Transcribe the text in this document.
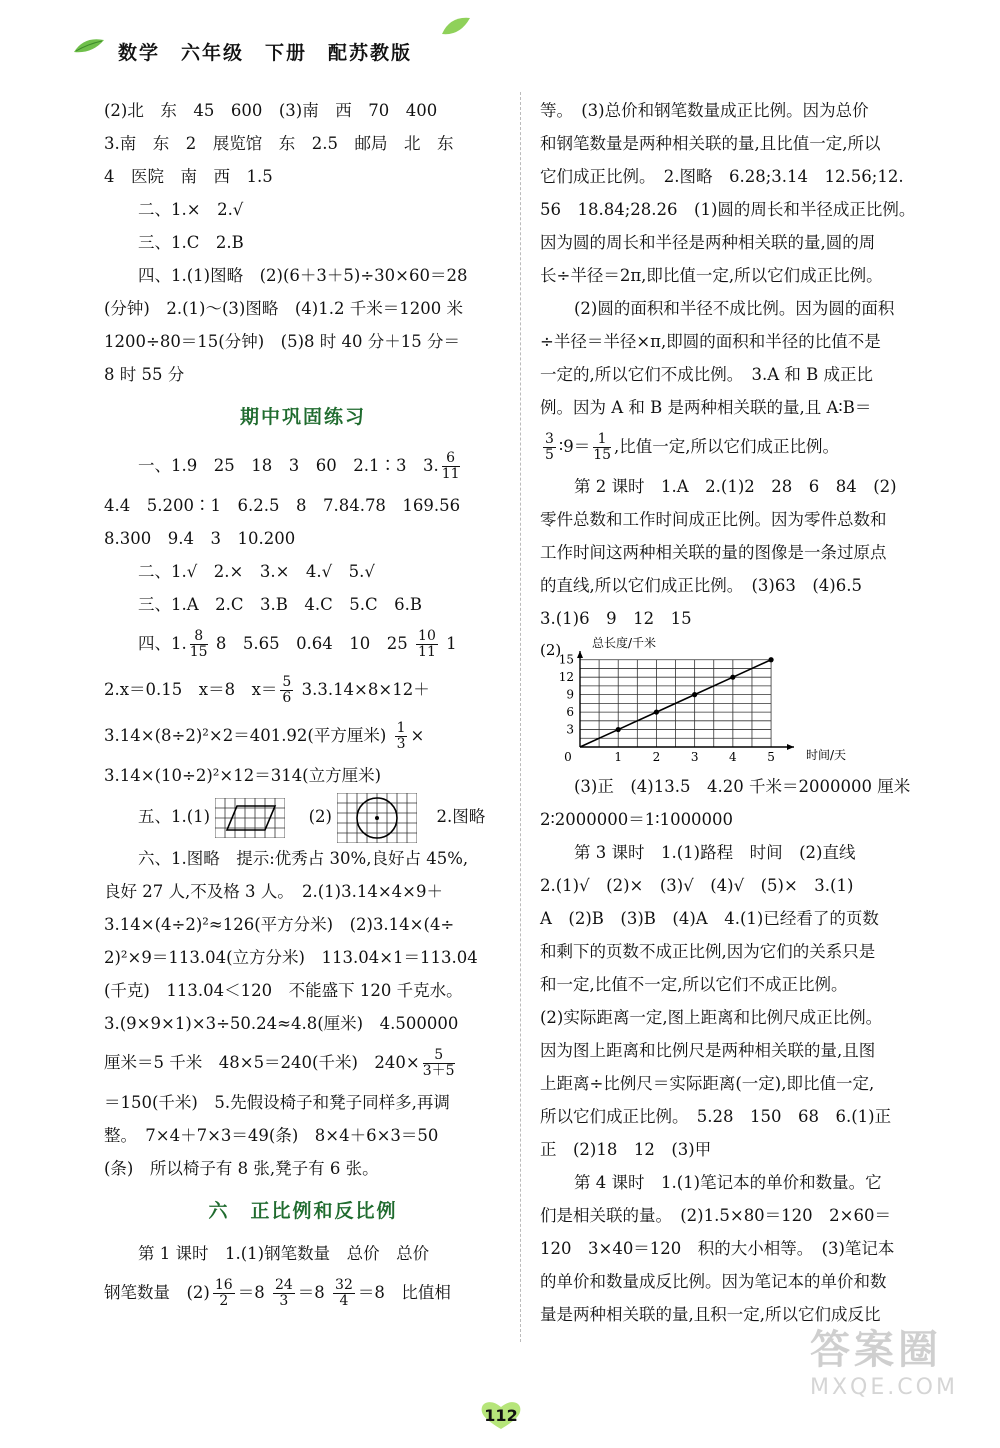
数学　六年级　下册　配苏教版
(2)北　东　45　600　(3)南　西　70　400
3.南　东　2　展览馆　东　2.5　邮局　北　东
4　医院　南　西　1.5
二、1.×　2.√
三、1.C　2.B
四、1.(1)图略　(2)(6＋3＋5)÷30×60＝28
(分钟)　2.(1)～(3)图略　(4)1.2 千米＝1200 米
1200÷80＝15(分钟)　(5)8 时 40 分＋15 分＝
8 时 55 分
期中巩固练习
一、1.9　25　18　3　60　2.1∶3　3. $\frac{6}{11}$
4.4　5.200∶1　6.2.5　8　7.84.78　169.56
8.300　9.4　3　10.200
二、1.√　2.×　3.×　4.√　5.√
三、1.A　2.C　3.B　4.C　5.C　6.B
四、1. $\frac{8}{15} 8$　5.65　0.64　10　$25 \frac{10}{11} 1$
2.x＝0.15　x＝8　$x= \frac{5}{6} 3.3.14\times 8\times 12+$
3.14×(8÷2)²×2＝401.92(平方厘米) $\frac{1}{3}$ ×
3.14×(10÷2)²×12＝314(立方厘米)
五、1.(1)	(2)	2.图略
六、1.图略　提示:优秀占 30%,良好占 45%,
良好 27 人,不及格 3 人。　2.(1)3.14×4×9＋
3.14×(4÷2)²≈126(平方分米)　(2)3.14×(4÷
2)²×9＝113.04(立方分米)　113.04×1＝113.04
(千克)　113.04＜120　不能盛下 120 千克水。
3.(9×9×1)×3÷50.24≈4.8(厘米)　4.500000
厘米＝5 千米　48×5＝240(千米)　$240\times \frac{5}{3+5}$
＝150(千米)　5.先假设椅子和凳子同样多,再调
整。　7×4＋7×3＝49(条)　8×4＋6×3＝50
(条)　所以椅子有 8 张,凳子有 6 张。
六　正比例和反比例
第 1 课时　1.(1)钢笔数量　总价　总价
钢笔数量　$(2) \frac{16}{2} =8 \frac{24}{3} =8 \frac{32}{4} =8$　比值相
等。　(3)总价和钢笔数量成正比例。因为总价
和钢笔数量是两种相关联的量,且比值一定,所以
它们成正比例。　2.图略　6.28;3.14　12.56;12.
56　18.84;28.26　(1)圆的周长和半径成正比例。
因为圆的周长和半径是两种相关联的量,圆的周
长÷半径＝2π,即比值一定,所以它们成正比例。
(2)圆的面积和半径不成比例。因为圆的面积
÷半径＝半径×π,即圆的面积和半径的比值不是
一定的,所以它们不成比例。　3.A 和 B 成正比
例。因为 A 和 B 是两种相关联的量,且 A∶B＝
$\frac{3}{5}$ ∶9＝ $\frac{1}{15}$ ,比值一定,所以它们成正比例。
第 2 课时　1.A　2.(1)2　28　6　84　(2)
零件总数和工作时间成正比例。因为零件总数和
工作时间这两种相关联的量的图像是一条过原点
的直线,所以它们成正比例。　(3)63　(4)6.5
3.(1)6　9　12　15
(2)	总长度/千米
时间/天
0	1	2	3	4	5
3
6
9
12
15
(3)正　(4)13.5　4.20 千米＝2000000 厘米
2∶2000000＝1∶1000000
第 3 课时　1.(1)路程　时间　(2)直线
2.(1)√　(2)×　(3)√　(4)√　(5)×　3.(1)
A　(2)B　(3)B　(4)A　4.(1)已经看了的页数
和剩下的页数不成正比例,因为它们的关系只是
和一定,比值不一定,所以它们不成正比例。
(2)实际距离一定,图上距离和比例尺成正比例。
因为图上距离和比例尺是两种相关联的量,且图
上距离÷比例尺＝实际距离(一定),即比值一定,
所以它们成正比例。　5.28　150　68　6.(1)正
正　(2)18　12　(3)甲
第 4 课时　1.(1)笔记本的单价和数量。它
们是相关联的量。　(2)1.5×80＝120　2×60＝
120　3×40＝120　积的大小相等。　(3)笔记本
的单价和数量成反比例。因为笔记本的单价和数
量是两种相关联的量,且积一定,所以它们成反比
112
答案圈
MXQE.COM
